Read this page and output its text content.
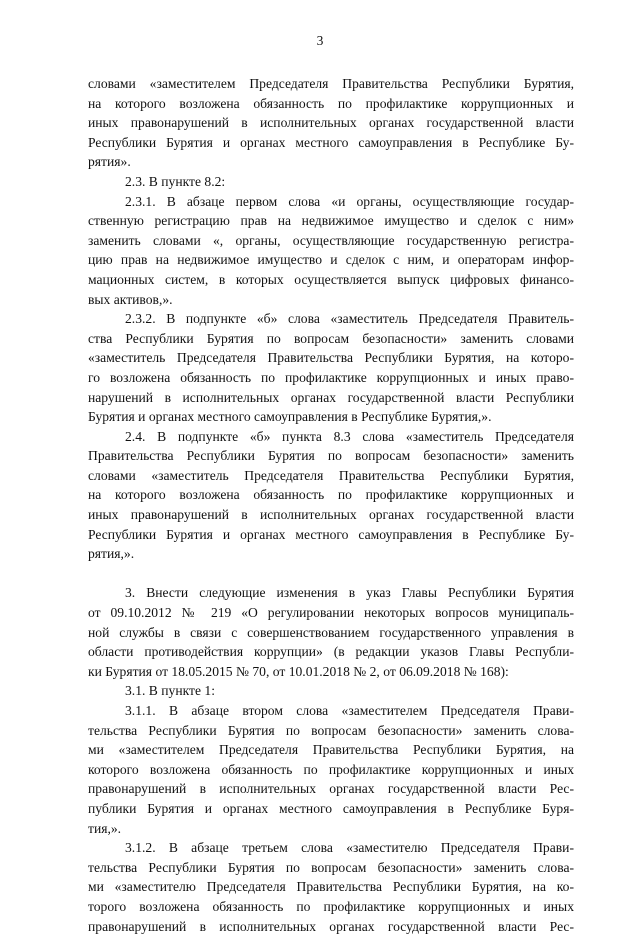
3
словами «заместителем Председателя Правительства Республики Бурятия,
на которого возложена обязанность по профилактике коррупционных и
иных правонарушений в исполнительных органах государственной власти
Республики Бурятия и органах местного самоуправления в Республике Бу-
рятия».
2.3. В пункте 8.2:
2.3.1. В абзаце первом слова «и органы, осуществляющие государ-
ственную регистрацию прав на недвижимое имущество и сделок с ним»
заменить словами «, органы, осуществляющие государственную регистра-
цию прав на недвижимое имущество и сделок с ним, и операторам инфор-
мационных систем, в которых осуществляется выпуск цифровых финансо-
вых активов,».
2.3.2. В подпункте «б» слова «заместитель Председателя Правитель-
ства Республики Бурятия по вопросам безопасности» заменить словами
«заместитель Председателя Правительства Республики Бурятия, на которо-
го возложена обязанность по профилактике коррупционных и иных право-
нарушений в исполнительных органах государственной власти Республики
Бурятия и органах местного самоуправления в Республике Бурятия,».
2.4. В подпункте «б» пункта 8.3 слова «заместитель Председателя
Правительства Республики Бурятия по вопросам безопасности» заменить
словами «заместитель Председателя Правительства Республики Бурятия,
на которого возложена обязанность по профилактике коррупционных и
иных правонарушений в исполнительных органах государственной власти
Республики Бурятия и органах местного самоуправления в Республике Бу-
рятия,».
3. Внести следующие изменения в указ Главы Республики Бурятия
от 09.10.2012 № 219 «О регулировании некоторых вопросов муниципаль-
ной службы в связи с совершенствованием государственного управления в
области противодействия коррупции» (в редакции указов Главы Республи-
ки Бурятия от 18.05.2015 № 70, от 10.01.2018 № 2, от 06.09.2018 № 168):
3.1. В пункте 1:
3.1.1. В абзаце втором слова «заместителем Председателя Прави-
тельства Республики Бурятия по вопросам безопасности» заменить слова-
ми «заместителем Председателя Правительства Республики Бурятия, на
которого возложена обязанность по профилактике коррупционных и иных
правонарушений в исполнительных органах государственной власти Рес-
публики Бурятия и органах местного самоуправления в Республике Буря-
тия,».
3.1.2. В абзаце третьем слова «заместителю Председателя Прави-
тельства Республики Бурятия по вопросам безопасности» заменить слова-
ми «заместителю Председателя Правительства Республики Бурятия, на ко-
торого возложена обязанность по профилактике коррупционных и иных
правонарушений в исполнительных органах государственной власти Рес-
